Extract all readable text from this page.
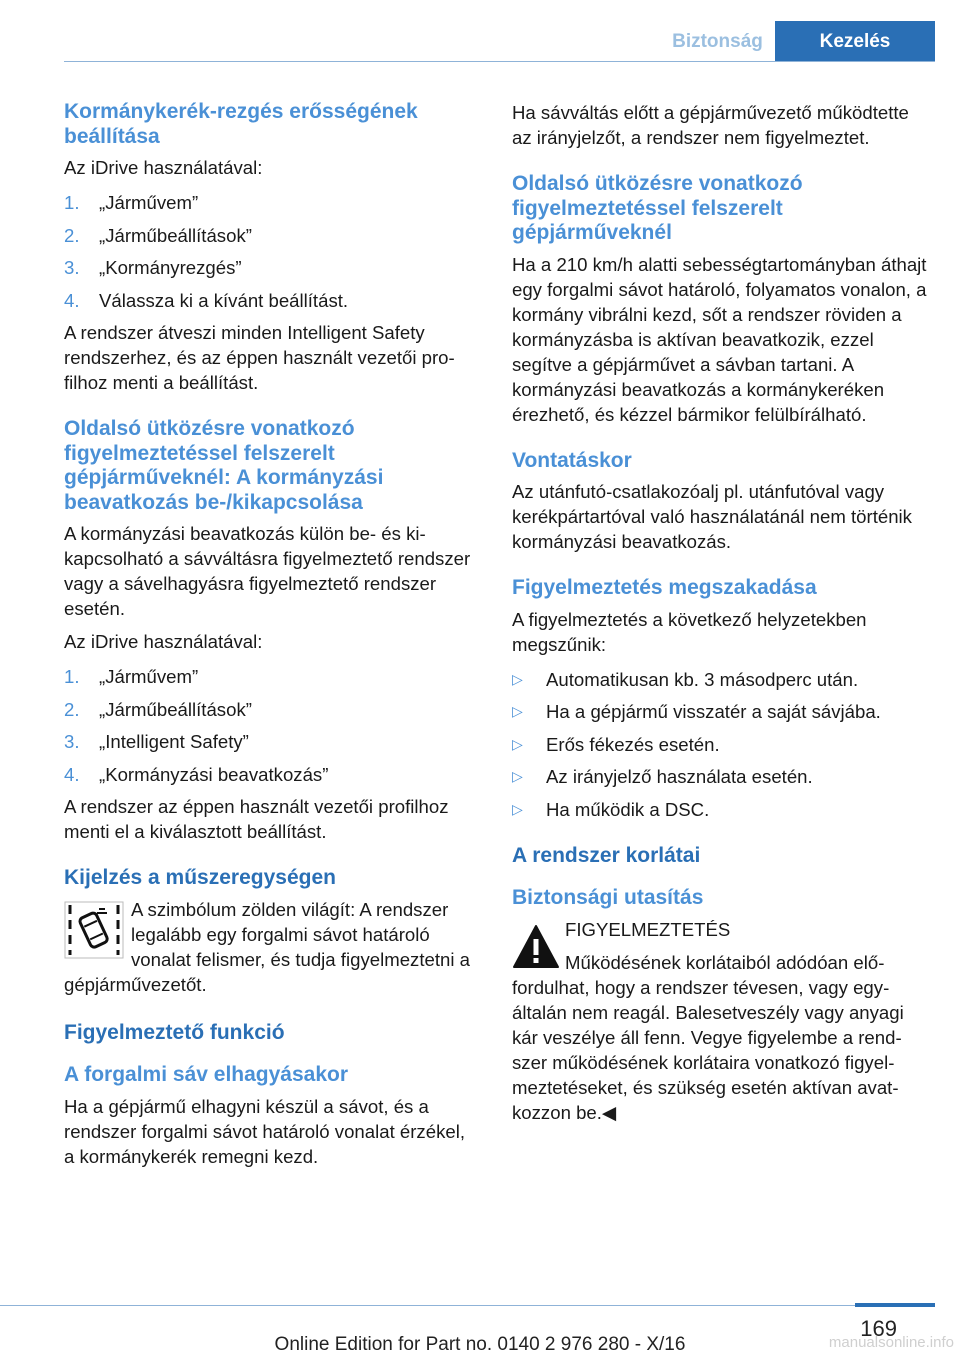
Biztonság	Kezelés
Kormánykerék-rezgés erősségének beállítása

Az iDrive használatával:

1.	„Járművem”
2.	„Járműbeállítások”
3.	„Kormányrezgés”
4.	Válassza ki a kívánt beállítást.

A rendszer átveszi minden Intelligent Safety rendszerhez, és az éppen használt vezetői profilhoz menti a beállítást.

Oldalsó ütközésre vonatkozó figyelmeztetéssel felszerelt gépjárműveknél: A kormányzási beavatkozás be-/kikapcsolása

A kormányzási beavatkozás külön be- és kikapcsolható a sávváltásra figyelmeztető rendszer vagy a sávelhagyásra figyelmeztető rendszer esetén.

Az iDrive használatával:

1.	„Járművem”
2.	„Járműbeállítások”
3.	„Intelligent Safety”
4.	„Kormányzási beavatkozás”

A rendszer az éppen használt vezetői profilhoz menti el a kiválasztott beállítást.

Kijelzés a műszeregységen

A szimbólum zölden világít: A rendszer legalább egy forgalmi sávot határoló vonalat felismer, és tudja figyelmeztetni a gépjárművezetőt.

Figyelmeztető funkció
A forgalmi sáv elhagyásakor

Ha a gépjármű elhagyni készül a sávot, és a rendszer forgalmi sávot határoló vonalat érzékel, a kormánykerék remegni kezd.

Ha sávváltás előtt a gépjárművezető működtette az irányjelzőt, a rendszer nem figyelmeztet.

Oldalsó ütközésre vonatkozó figyelmeztetéssel felszerelt gépjárműveknél

Ha a 210 km/h alatti sebességtartományban áthajt egy forgalmi sávot határoló, folyamatos vonalon, a kormány vibrálni kezd, sőt a rendszer röviden a kormányzásba is aktívan beavatkozik, ezzel segítve a gépjárművet a sávban tartani. A kormányzási beavatkozás a kormánykeréken érezhető, és kézzel bármikor felülbírálható.

Vontatáskor

Az utánfutó-csatlakozóalj pl. utánfutóval vagy kerékpártartóval való használatánál nem történik kormányzási beavatkozás.

Figyelmeztetés megszakadása

A figyelmeztetés a következő helyzetekben megszűnik:

▷	Automatikusan kb. 3 másodperc után.
▷	Ha a gépjármű visszatér a saját sávjába.
▷	Erős fékezés esetén.
▷	Az irányjelző használata esetén.
▷	Ha működik a DSC.
A rendszer korlátai
Biztonsági utasítás

FIGYELMEZTETÉS

Működésének korlátaiból adódóan előfordulhat, hogy a rendszer tévesen, vagy egyáltalán nem reagál. Balesetveszély vagy anyagi kár veszélye áll fenn. Vegye figyelembe a rendszer működésének korlátaira vonatkozó figyelmeztetéseket, és szükség esetén aktívan avatkozzon be.◀

169
Online Edition for Part no. 0140 2 976 280 - X/16	manualsonline.info
